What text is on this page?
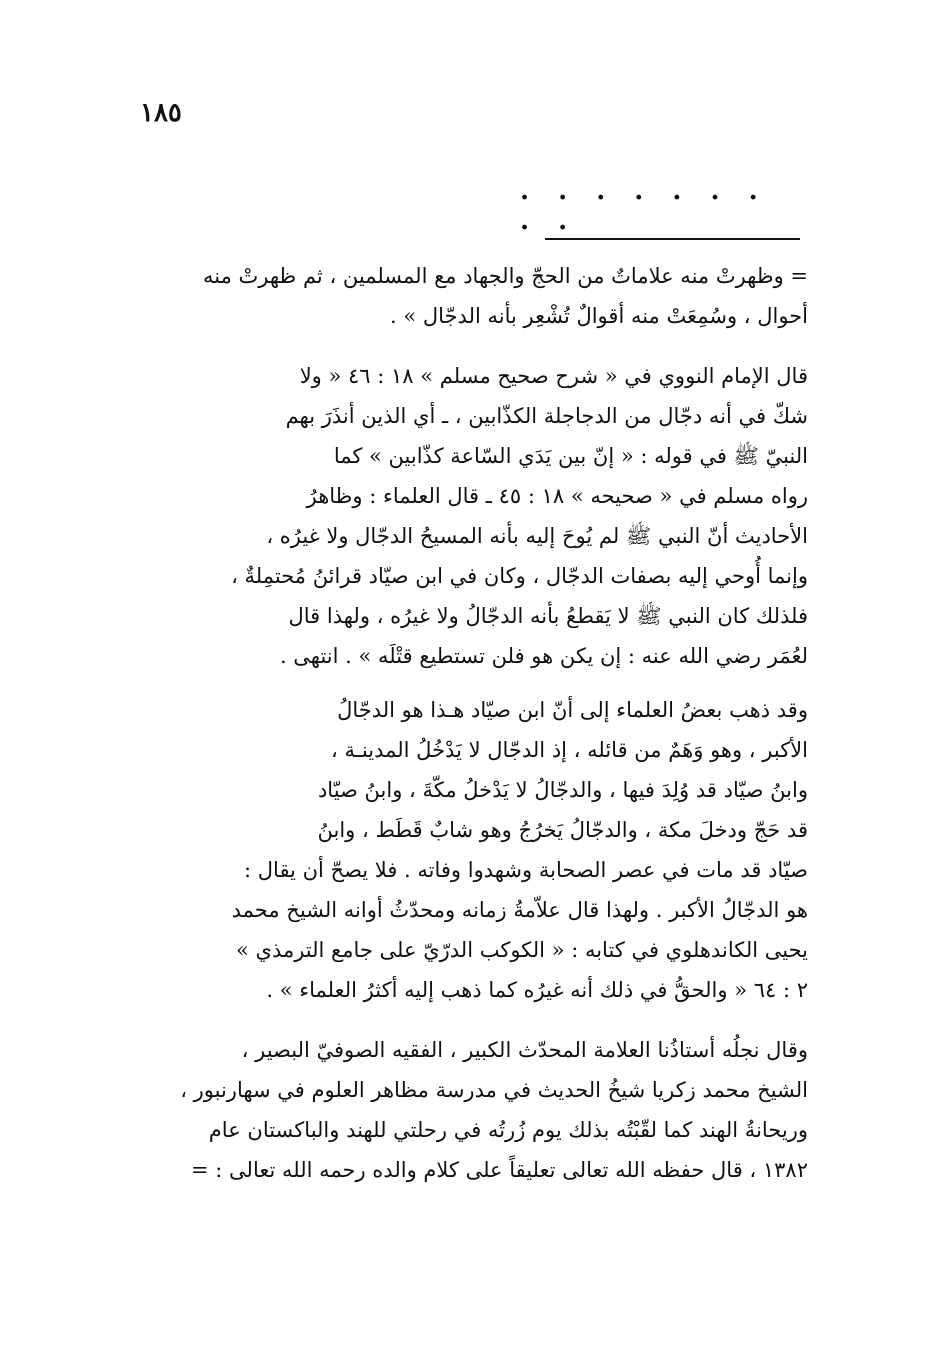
١٨٥
. . . . . . . . .
= وظهرتْ منه علاماتٌ من الحجّ والجهاد مع المسلمين ، ثم ظهرتْ منه
أحوال ، وسُمِعَتْ منه أقوالٌ تُشْعِر بأنه الدجّال » .
قال الإمام النووي في « شرح صحيح مسلم » ١٨ : ٤٦ « ولا
شكّ في أنه دجّال من الدجاجلة الكذّابين ، ـ أي الذين أنذَرَ بهم
النبيّ ﷺ في قوله : « إنّ بين يَدَي السّاعة كذّابين » كما
رواه مسلم في « صحيحه » ١٨ : ٤٥ ـ قال العلماء : وظاهرُ
الأحاديث أنّ النبي ﷺ لم يُوحَ إليه بأنه المسيحُ الدجّال ولا غيرُه ،
وإنما أُوحي إليه بصفات الدجّال ، وكان في ابن صيّاد قرائنُ مُحتمِلةٌ ،
فلذلك كان النبي ﷺ لا يَقطعُ بأنه الدجّالُ ولا غيرُه ، ولهذا قال
لعُمَر رضي الله عنه : إن يكن هو فلن تستطيع قتْلَه » . انتهى .
وقد ذهب بعضُ العلماء إلى أنّ ابن صيّاد هـذا هو الدجّالُ
الأكبر ، وهو وَهَمٌ من قائله ، إذ الدجّال لا يَدْخُلُ المدينـة ،
وابنُ صيّاد قد وُلِدَ فيها ، والدجّالُ لا يَدْخلُ مكّةَ ، وابنُ صيّاد
قد حَجّ ودخلَ مكة ، والدجّالُ يَخرُجُ وهو شابٌ قَطَط ، وابنُ
صيّاد قد مات في عصر الصحابة وشهدوا وفاته . فلا يصحّ أن يقال :
هو الدجّالُ الأكبر . ولهذا قال علاّمةُ زمانه ومحدّثُ أوانه الشيخ محمد
يحيى الكاندهلوي في كتابه : « الكوكب الدرّيّ على جامع الترمذي »
٢ : ٦٤ « والحقُّ في ذلك أنه غيرُه كما ذهب إليه أكثرُ العلماء » .
وقال نجلُه أستاذُنا العلامة المحدّث الكبير ، الفقيه الصوفيّ البصير ،
الشيخ محمد زكريا شيخُ الحديث في مدرسة مظاهر العلوم في سهارنبور ،
وريحانةُ الهند كما لقّبْتُه بذلك يوم زُرتُه في رحلتي للهند والباكستان عام
١٣٨٢ ، قال حفظه الله تعالى تعليقاً على كلام والده رحمه الله تعالى : =
